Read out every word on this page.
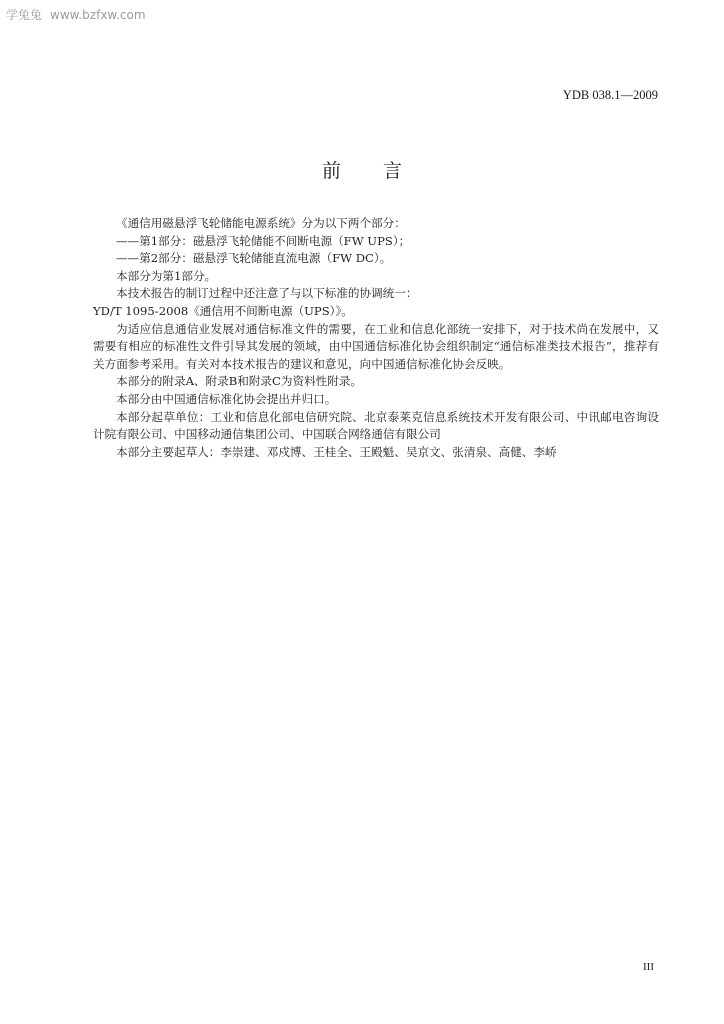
学兔兔 www.bzfxw.com
YDB 038.1—2009
前言

《通信用磁悬浮飞轮储能电源系统》分为以下两个部分：

——第1部分：磁悬浮飞轮储能不间断电源（FW UPS）；

——第2部分：磁悬浮飞轮储能直流电源（FW DC）。

本部分为第1部分。

本技术报告的制订过程中还注意了与以下标准的协调统一：

YD/T 1095-2008《通信用不间断电源（UPS）》。

为适应信息通信业发展对通信标准文件的需要，在工业和信息化部统一安排下，对于技术尚在发展中，又需要有相应的标准性文件引导其发展的领域，由中国通信标准化协会组织制定“通信标准类技术报告”，推荐有关方面参考采用。有关对本技术报告的建议和意见，向中国通信标准化协会反映。

本部分的附录A、附录B和附录C为资料性附录。

本部分由中国通信标准化协会提出并归口。

本部分起草单位：工业和信息化部电信研究院、北京泰莱克信息系统技术开发有限公司、中讯邮电咨询设计院有限公司、中国移动通信集团公司、中国联合网络通信有限公司

本部分主要起草人：李崇建、邓戍博、王桂全、王殿魁、吴京文、张清泉、高健、李峤

III
